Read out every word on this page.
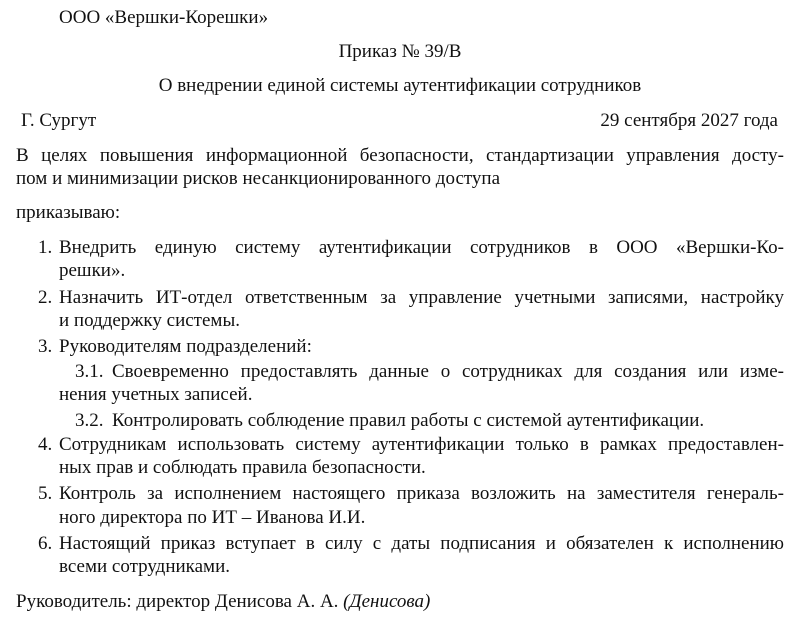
ООО «Вершки-Корешки»
Приказ № 39/В
О внедрении единой системы аутентификации сотрудников
Г. Сургут	29 сентября 2027 года
В целях повышения информационной безопасности, стандартизации управления досту-
пом и минимизации рисков несанкционированного доступа
приказываю:
1. Внедрить единую систему аутентификации сотрудников в ООО «Вершки-Ко-
решки».
2. Назначить ИТ-отдел ответственным за управление учетными записями, настройку
и поддержку системы.
3. Руководителям подразделений:
3.1. Своевременно предоставлять данные о сотрудниках для создания или изме-
нения учетных записей.
3.2. Контролировать соблюдение правил работы с системой аутентификации.
4. Сотрудникам использовать систему аутентификации только в рамках предоставлен-
ных прав и соблюдать правила безопасности.
5. Контроль за исполнением настоящего приказа возложить на заместителя генераль-
ного директора по ИТ – Иванова И.И.
6. Настоящий приказ вступает в силу с даты подписания и обязателен к исполнению
всеми сотрудниками.
Руководитель: директор Денисова А. А. (Денисова)
